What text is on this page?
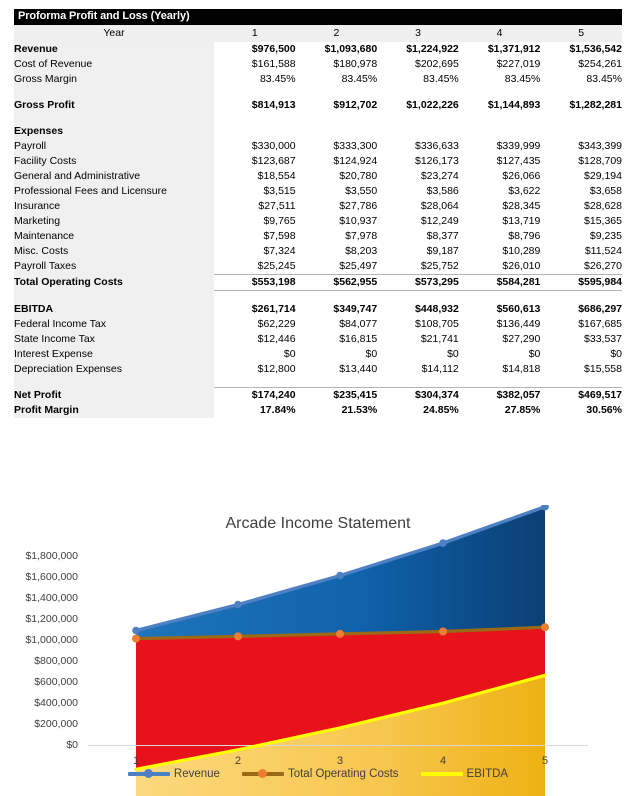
Proforma Profit and Loss (Yearly)
Year	1	2	3	4	5
Revenue	$976,500	$1,093,680	$1,224,922	$1,371,912	$1,536,542
Cost of Revenue	$161,588	$180,978	$202,695	$227,019	$254,261
Gross Margin	83.45%	83.45%	83.45%	83.45%	83.45%

Gross Profit	$814,913	$912,702	$1,022,226	$1,144,893	$1,282,281

Expenses					
Payroll	$330,000	$333,300	$336,633	$339,999	$343,399
Facility Costs	$123,687	$124,924	$126,173	$127,435	$128,709
General and Administrative	$18,554	$20,780	$23,274	$26,066	$29,194
Professional Fees and Licensure	$3,515	$3,550	$3,586	$3,622	$3,658
Insurance	$27,511	$27,786	$28,064	$28,345	$28,628
Marketing	$9,765	$10,937	$12,249	$13,719	$15,365
Maintenance	$7,598	$7,978	$8,377	$8,796	$9,235
Misc. Costs	$7,324	$8,203	$9,187	$10,289	$11,524
Payroll Taxes	$25,245	$25,497	$25,752	$26,010	$26,270
Total Operating Costs	$553,198	$562,955	$573,295	$584,281	$595,984

EBITDA	$261,714	$349,747	$448,932	$560,613	$686,297
Federal Income Tax	$62,229	$84,077	$108,705	$136,449	$167,685
State Income Tax	$12,446	$16,815	$21,741	$27,290	$33,537
Interest Expense	$0	$0	$0	$0	$0
Depreciation Expenses	$12,800	$13,440	$14,112	$14,818	$15,558

Net Profit	$174,240	$235,415	$304,374	$382,057	$469,517
Profit Margin	17.84%	21.53%	24.85%	27.85%	30.56%
Arcade Income Statement
$1,800,000
$1,600,000
$1,400,000
$1,200,000
$1,000,000
$800,000
$600,000
$400,000
$200,000
$0
1	2	3	4	5
Revenue	Total Operating Costs	EBITDA
